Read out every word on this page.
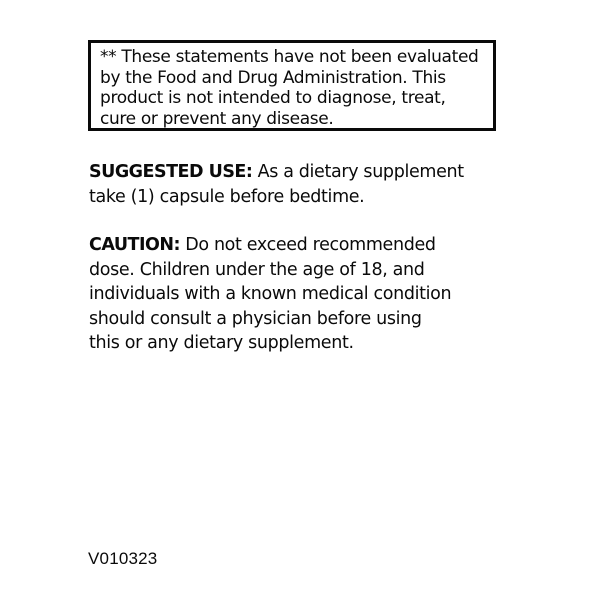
** These statements have not been evaluated

by the Food and Drug Administration. This

product is not intended to diagnose, treat,

cure or prevent any disease.

SUGGESTED USE: As a dietary supplement

take (1) capsule before bedtime.

CAUTION: Do not exceed recommended

dose. Children under the age of 18, and

individuals with a known medical condition

should consult a physician before using

this or any dietary supplement.

V010323
